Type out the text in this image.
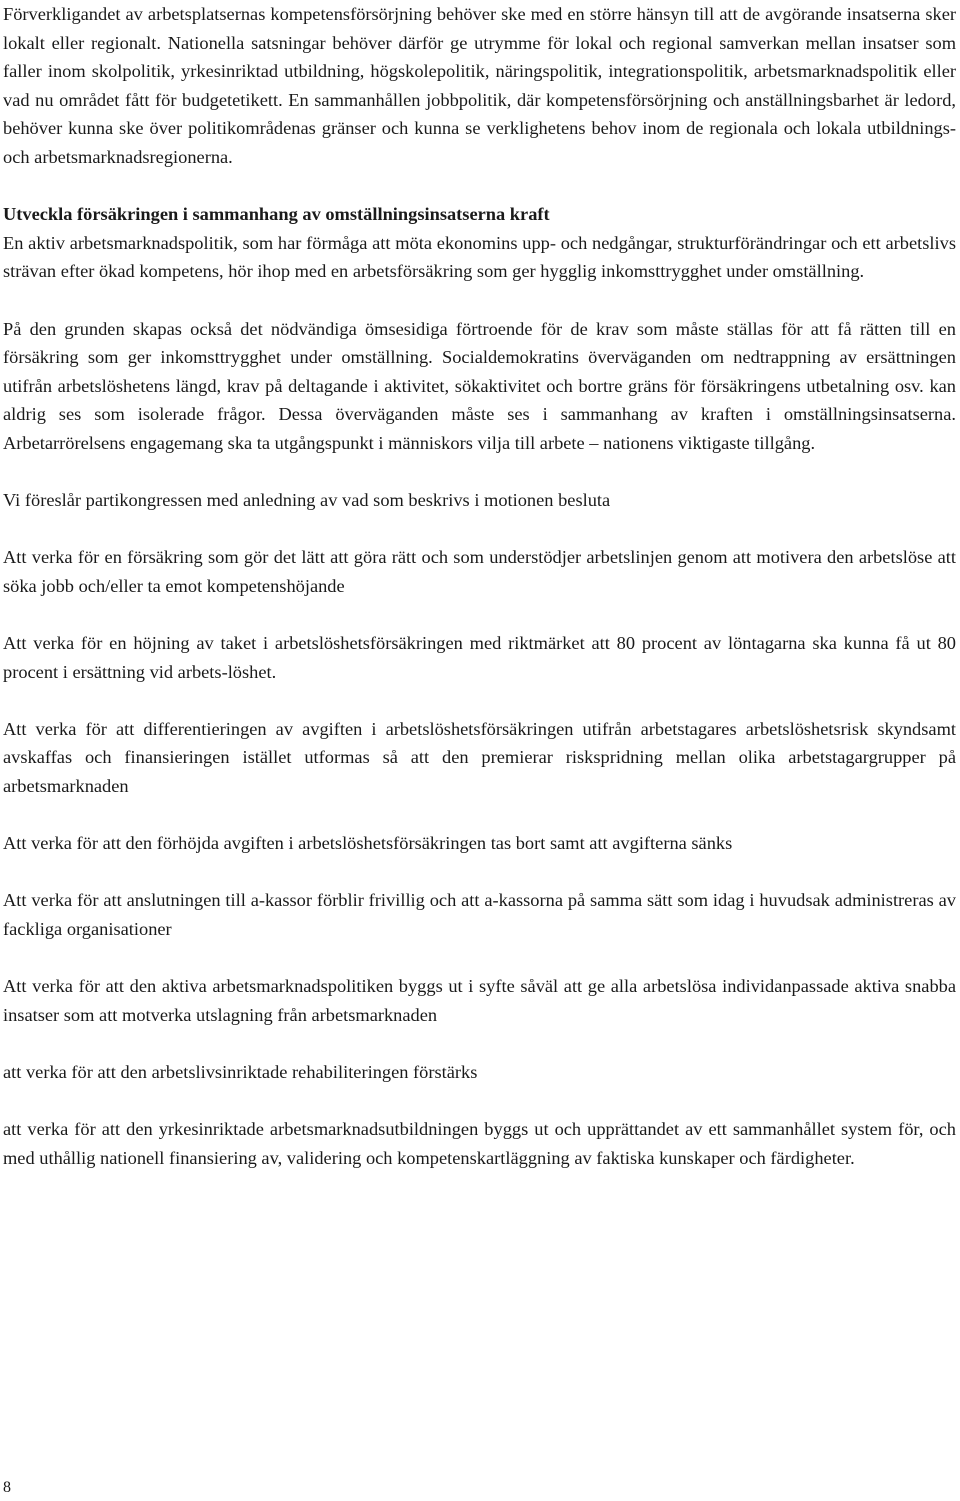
Förverkligandet av arbetsplatsernas kompetensförsörjning behöver ske med en större hänsyn till att de avgörande insatserna sker lokalt eller regionalt. Nationella satsningar behöver därför ge utrymme för lokal och regional samverkan mellan insatser som faller inom skolpolitik, yrkesinriktad utbildning, högskolepolitik, näringspolitik, integrationspolitik, arbetsmarknadspolitik eller vad nu området fått för budgetetikett. En sammanhållen jobbpolitik, där kompetensförsörjning och anställningsbarhet är ledord, behöver kunna ske över politikområdenas gränser och kunna se verklighetens behov inom de regionala och lokala utbildnings- och arbetsmarknadsregionerna.

Utveckla försäkringen i sammanhang av omställningsinsatserna kraft

En aktiv arbetsmarknadspolitik, som har förmåga att möta ekonomins upp- och nedgångar, strukturförändringar och ett arbetslivs strävan efter ökad kompetens, hör ihop med en arbetsförsäkring som ger hygglig inkomsttrygghet under omställning.

På den grunden skapas också det nödvändiga ömsesidiga förtroende för de krav som måste ställas för att få rätten till en försäkring som ger inkomsttrygghet under omställning. Socialdemokratins överväganden om nedtrappning av ersättningen utifrån arbetslöshetens längd, krav på deltagande i aktivitet, sökaktivitet och bortre gräns för försäkringens utbetalning osv. kan aldrig ses som isolerade frågor. Dessa överväganden måste ses i sammanhang av kraften i omställningsinsatserna. Arbetarrörelsens engagemang ska ta utgångspunkt i människors vilja till arbete – nationens viktigaste tillgång.

Vi föreslår partikongressen med anledning av vad som beskrivs i motionen besluta

Att verka för en försäkring som gör det lätt att göra rätt och som understödjer arbetslinjen genom att motivera den arbetslöse att söka jobb och/eller ta emot kompetenshöjande

Att verka för en höjning av taket i arbetslöshetsförsäkringen med riktmärket att 80 procent av löntagarna ska kunna få ut 80 procent i ersättning vid arbets-löshet.

Att verka för att differentieringen av avgiften i arbetslöshetsförsäkringen utifrån arbetstagares arbetslöshetsrisk skyndsamt avskaffas och finansieringen istället utformas så att den premierar riskspridning mellan olika arbetstagargrupper på arbetsmarknaden

Att verka för att den förhöjda avgiften i arbetslöshetsförsäkringen tas bort samt att avgifterna sänks

Att verka för att anslutningen till a-kassor förblir frivillig och att a-kassorna på samma sätt som idag i huvudsak administreras av fackliga organisationer

Att verka för att den aktiva arbetsmarknadspolitiken byggs ut i syfte såväl att ge alla arbetslösa individanpassade aktiva snabba insatser som att motverka utslagning från arbetsmarknaden

att verka för att den arbetslivsinriktade rehabiliteringen förstärks

att verka för att den yrkesinriktade arbetsmarknadsutbildningen byggs ut och upprättandet av ett sammanhållet system för, och med uthållig nationell finansiering av, validering och kompetenskartläggning av faktiska kunskaper och färdigheter.

8
